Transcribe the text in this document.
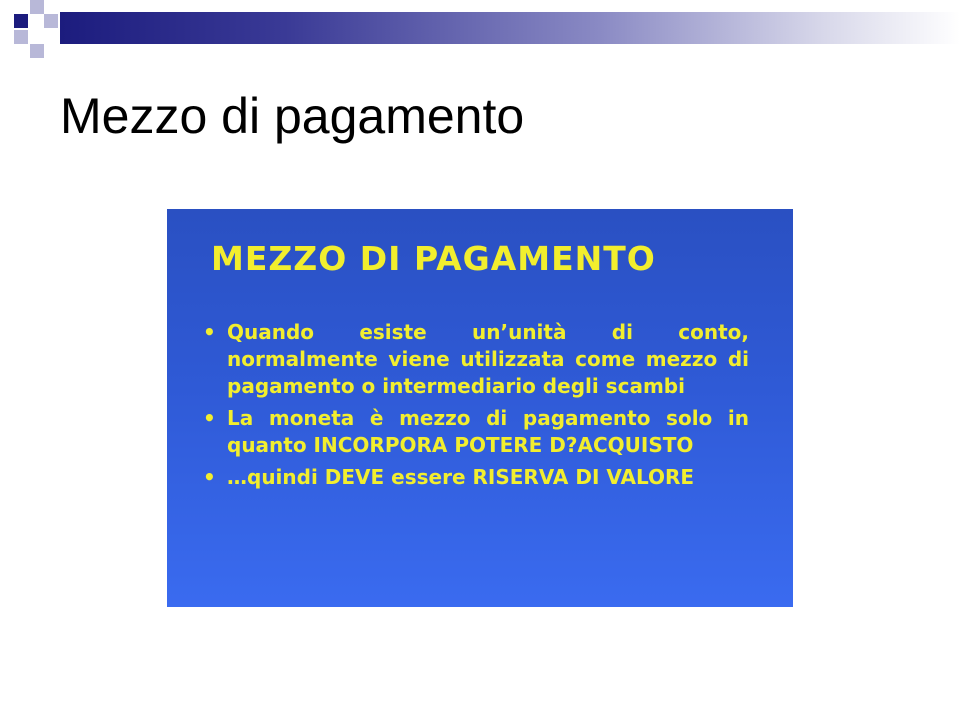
Mezzo di pagamento
MEZZO DI PAGAMENTO
• Quando esiste un’unità di conto, normalmente viene utilizzata come mezzo di pagamento o intermediario degli scambi
• La moneta è mezzo di pagamento solo in quanto INCORPORA POTERE D?ACQUISTO
• …quindi DEVE essere RISERVA DI VALORE
